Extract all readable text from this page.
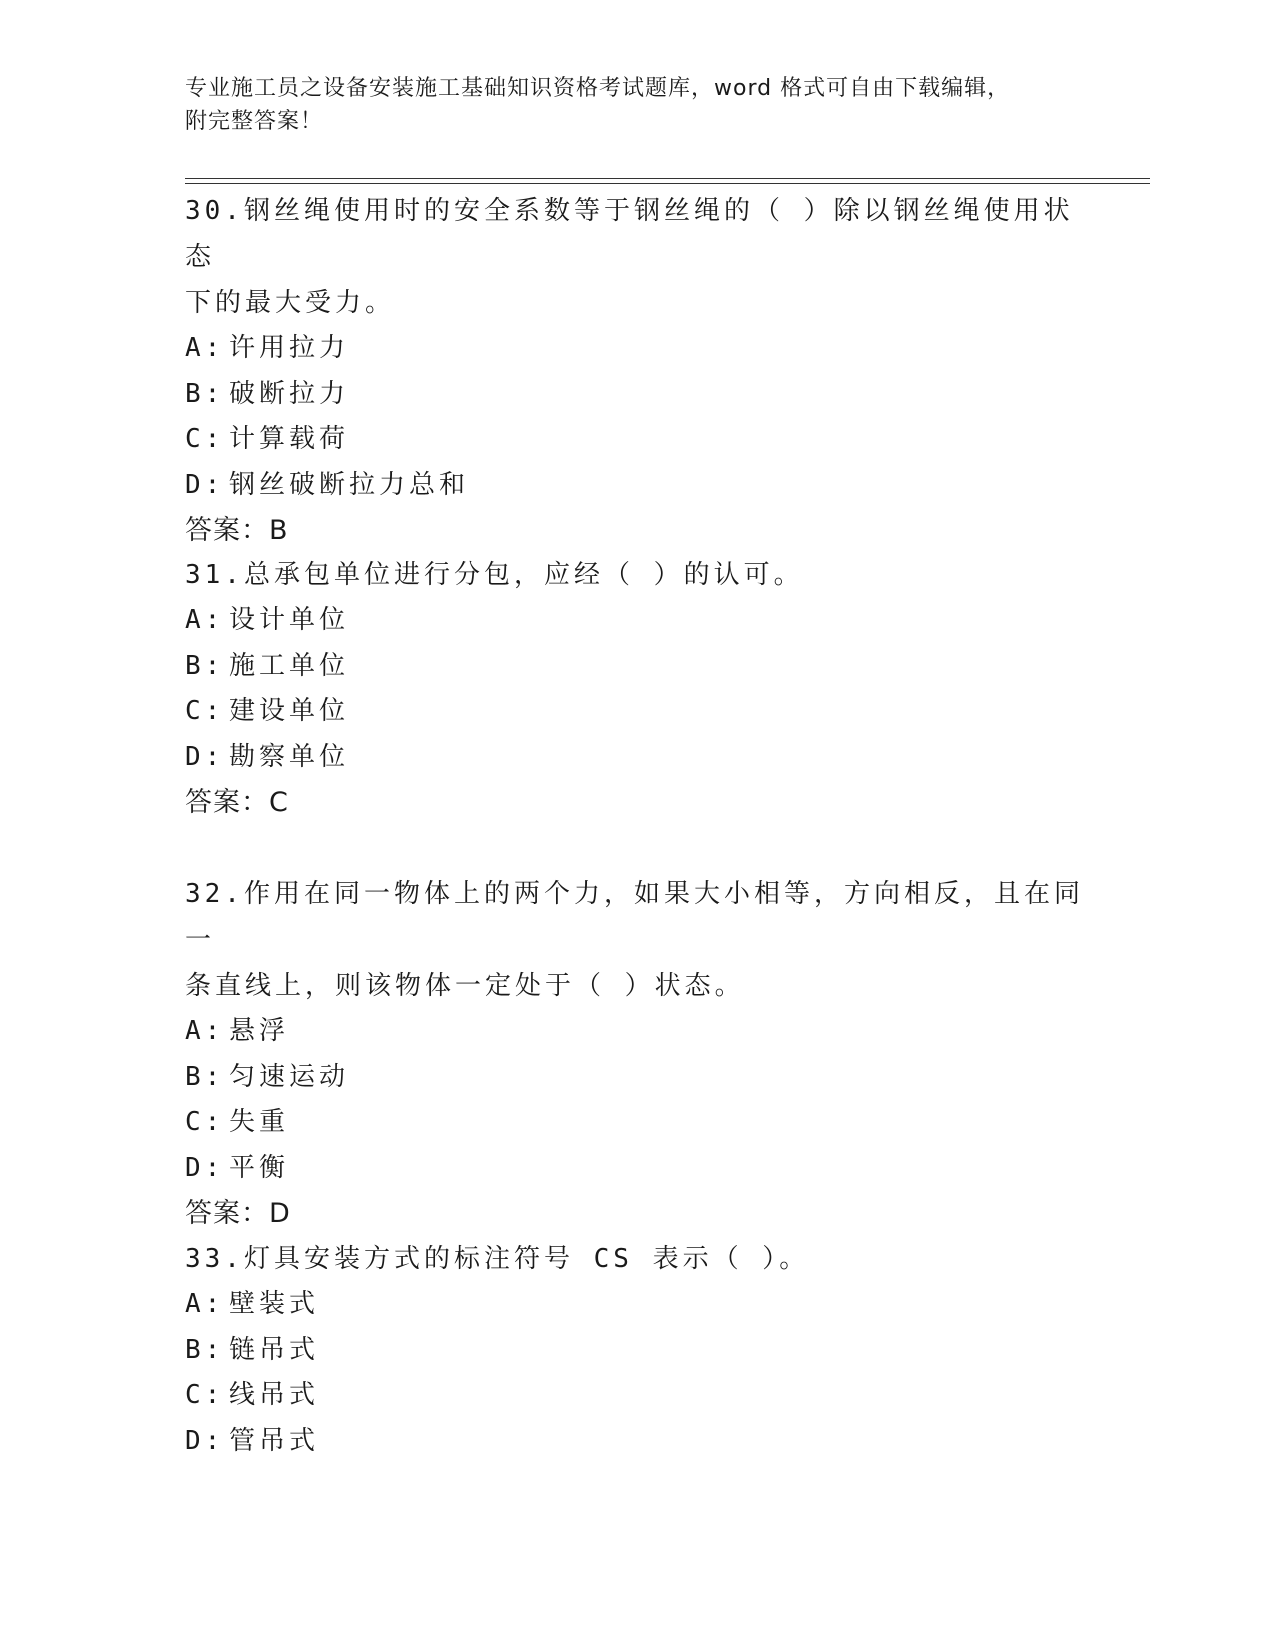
专业施工员之设备安装施工基础知识资格考试题库，word 格式可自由下载编辑，
附完整答案！

30.钢丝绳使用时的安全系数等于钢丝绳的（ ）除以钢丝绳使用状态

下的最大受力。

A: 许用拉力

B: 破断拉力

C: 计算载荷

D: 钢丝破断拉力总和

答案：B

31.总承包单位进行分包，应经（ ）的认可。

A: 设计单位

B: 施工单位

C: 建设单位

D: 勘察单位

答案：C

32.作用在同一物体上的两个力，如果大小相等，方向相反，且在同一

条直线上，则该物体一定处于（ ）状态。

A: 悬浮

B: 匀速运动

C: 失重

D: 平衡

答案：D

33.灯具安装方式的标注符号 CS 表示（ ）。

A: 壁装式

B: 链吊式

C: 线吊式

D: 管吊式
